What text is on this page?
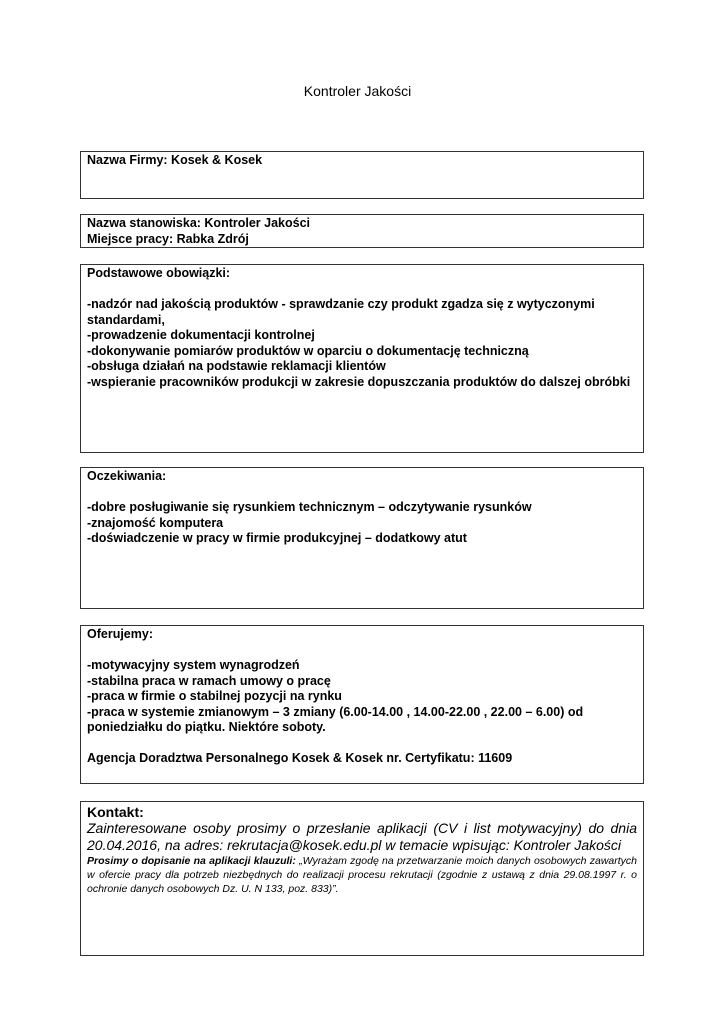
Kontroler Jakości

Nazwa Firmy: Kosek & Kosek

Nazwa stanowiska: Kontroler Jakości

Miejsce pracy: Rabka Zdrój

Podstawowe obowiązki:

-nadzór nad jakością produktów - sprawdzanie czy produkt zgadza się z wytyczonymi standardami,

-prowadzenie dokumentacji kontrolnej

-dokonywanie pomiarów produktów w oparciu o dokumentację techniczną

-obsługa działań na podstawie reklamacji klientów

-wspieranie pracowników produkcji w zakresie dopuszczania produktów do dalszej obróbki

Oczekiwania:

-dobre posługiwanie się rysunkiem technicznym – odczytywanie rysunków

-znajomość komputera

-doświadczenie w pracy w firmie produkcyjnej – dodatkowy atut

Oferujemy:

-motywacyjny system wynagrodzeń

-stabilna praca w ramach umowy o pracę

-praca w firmie o stabilnej pozycji na rynku

-praca w systemie zmianowym – 3 zmiany (6.00-14.00 , 14.00-22.00 , 22.00 – 6.00) od poniedziałku do piątku. Niektóre soboty.

Agencja Doradztwa Personalnego Kosek & Kosek nr. Certyfikatu: 11609

Kontakt:

Zainteresowane osoby prosimy o przesłanie aplikacji (CV i list motywacyjny) do dnia 20.04.2016, na adres: rekrutacja@kosek.edu.pl w temacie wpisując: Kontroler Jakości

Prosimy o dopisanie na aplikacji klauzuli: „Wyrażam zgodę na przetwarzanie moich danych osobowych zawartych w ofercie pracy dla potrzeb niezbędnych do realizacji procesu rekrutacji (zgodnie z ustawą z dnia 29.08.1997 r. o ochronie danych osobowych Dz. U. N 133, poz. 833)”.
